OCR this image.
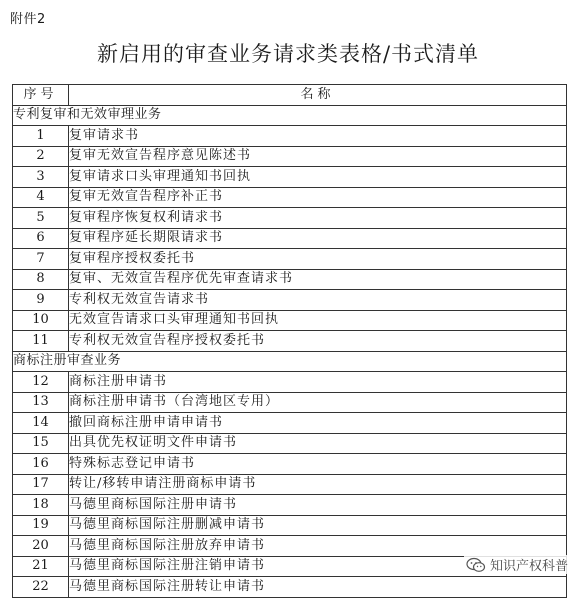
附件2
新启用的审查业务请求类表格/书式清单
序号	名称
专利复审和无效审理业务	
1	复审请求书
2	复审无效宣告程序意见陈述书
3	复审请求口头审理通知书回执
4	复审无效宣告程序补正书
5	复审程序恢复权利请求书
6	复审程序延长期限请求书
7	复审程序授权委托书
8	复审、无效宣告程序优先审查请求书
9	专利权无效宣告请求书
10	无效宣告请求口头审理通知书回执
11	专利权无效宣告程序授权委托书
商标注册审查业务	
12	商标注册申请书
13	商标注册申请书（台湾地区专用）
14	撤回商标注册申请申请书
15	出具优先权证明文件申请书
16	特殊标志登记申请书
17	转让/移转申请注册商标申请书
18	马德里商标国际注册申请书
19	马德里商标国际注册删减申请书
20	马德里商标国际注册放弃申请书
21	马德里商标国际注册注销申请书
22	马德里商标国际注册转让申请书
知识产权科普
